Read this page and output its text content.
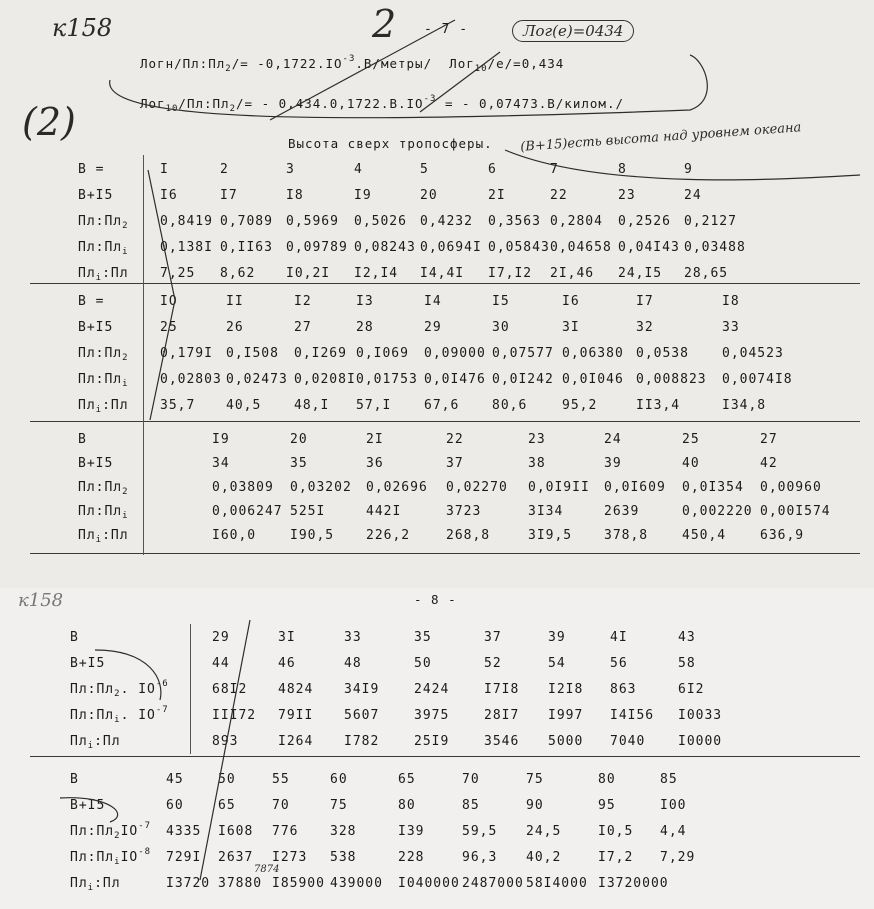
к158	2 - 7 -	Лог(е)=0434
(2)
Логн/$Пл:Пл_2/=$ $-0,1722.IO^{-3}.В/метры/$ Лог$_{10}$/e/=0,434
$Лог_{10}/Пл:Пл_2/= - 0,434.0,1722.В.IO^{-3}$ = - 0,07473.В/килом./
Высота сверх тропосферы. (В+15)есть высота над уровнем океана
В =	I	2	3	4	5	6	7	8	9
В+I5	I6	I7	I8	I9	20	2I	22	23	24
$Пл:Пл_2$ 0,8419 0,7089 0,5969 0,5026 0,4232 0,3563 0,2804 0,2526 0,2127
$Пл:Пл_i$ 0,138I 0,II63 0,09789 0,08243 0,0694I 0,05843 0,04658 0,04I43 0,03488
$Пл_i:Пл$ 7,25 8,62 I0,2I I2,I4 I4,4I I7,I2 2I,46 24,I5 28,65
В =	IO	II	I2	I3	I4	I5	I6	I7	I8
В+I5	25	26	27	28	29	30	3I	32	33
$Пл:Пл_2$ 0,179I 0,I508 0,I269 0,I069 0,09000 0,07577 0,06380 0,0538	0,04523
$Пл:Пл_i$ 0,02803 0,02473 0,0208I 0,01753 0,0I476 0,0I242 0,0I046 0,008823 0,0074I8
$Пл_i:Пл$ 35,7 40,5	48,I 57,I	67,6	80,6	95,2	II3,4	I34,8
В	I9	20	2I	22	23	24	25	27
В+I5	34	35	36	37	38	39	40	42
$Пл:Пл_2$	0,03809 0,03202 0,02696 0,02270 0,0I9II 0,0I609 0,0I354 0,00960
$Пл:Пл_i$	0,006247 525I	442I	3723	3I34	2639	0,002220 0,00I574
$Пл_i:Пл$	I60,0	I90,5 226,2	268,8	3I9,5 378,8	450,4	636,9
к158	- 8 -
В	29	3I	33	35	37	39	4I	43
В+I5	44	46	48	50	52	54	56	58
$Пл:Пл_2$. $IO^{-6}$	68I2 4824 34I9	2424	I7I8 I2I8 863	6I2
$Пл:Пл_i$. $IO^{-7}$	III72 79II 5607	3975	28I7 I997 I4I56 I0033
$Пл_i:Пл$	893	I264 I782	25I9	3546 5000 7040	I0000
В	45	50	55	60	65	70	75	80	85
В+I5	60	65	70	75	80	85	90	95	I00
$Пл:Пл_2IO^{-7}$ 4335 I608 776 328	I39	59,5 24,5	I0,5 4,4
$Пл:Пл_iIO^{-8}$ 729I 2637 I273 538	228	96,3 40,2	I7,2 7,29
$Пл_i:Пл$	I3720 37880 I85900 439000 I040000 2487000 58I4000 I3720000
7874
